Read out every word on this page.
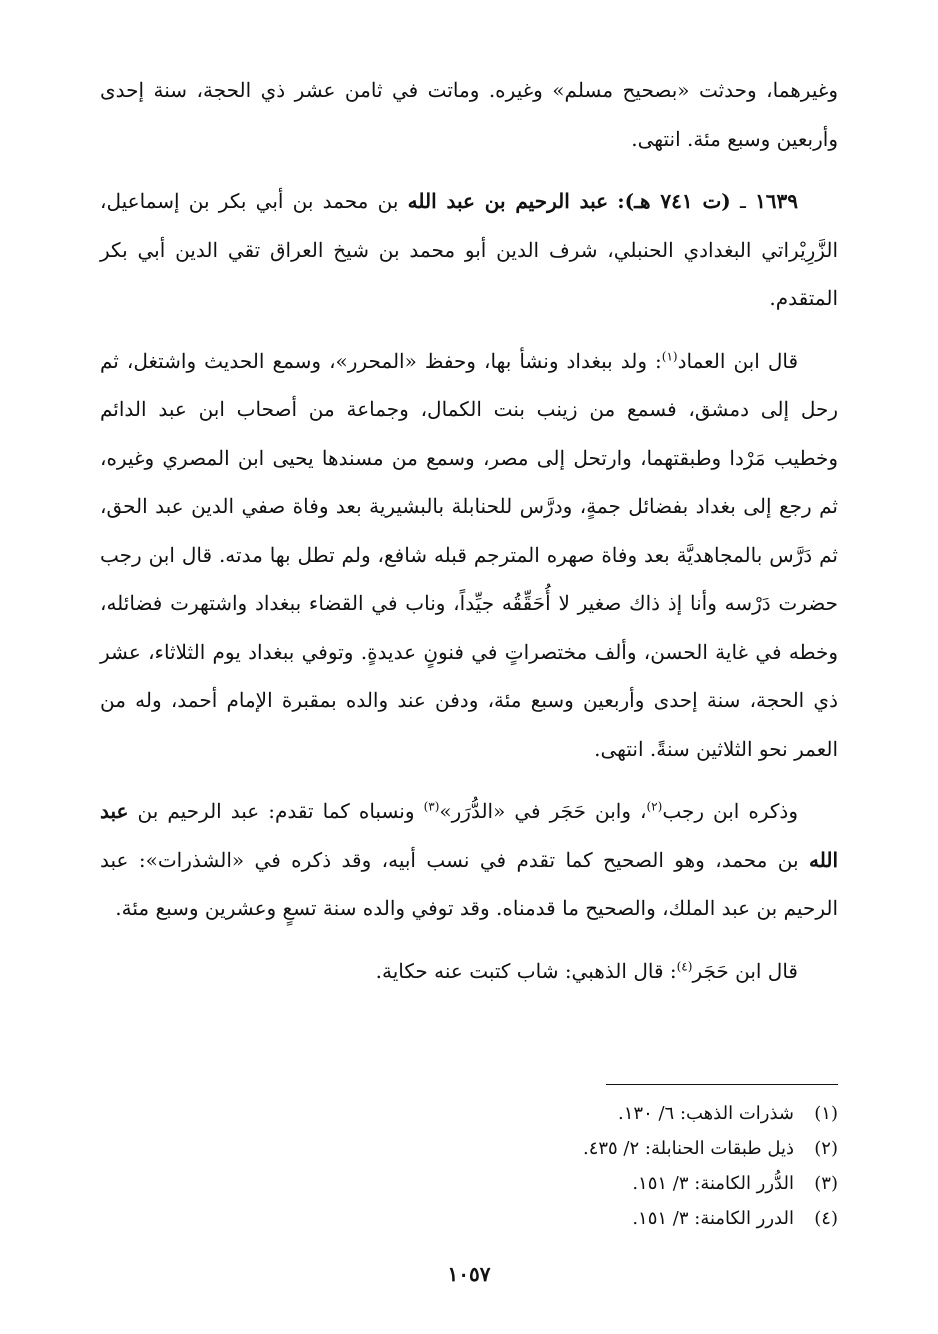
وغيرهما، وحدثت «بصحيح مسلم» وغيره. وماتت في ثامن عشر ذي الحجة، سنة إحدى وأربعين وسبع مئة. انتهى.

١٦٣٩ ـ (ت ٧٤١ هـ): عبد الرحيم بن عبد الله بن محمد بن أبي بكر بن إسماعيل، الزَّرِيْراتي البغدادي الحنبلي، شرف الدين أبو محمد بن شيخ العراق تقي الدين أبي بكر المتقدم.

قال ابن العماد$^{(١)}$: ولد ببغداد ونشأ بها، وحفظ «المحرر»، وسمع الحديث واشتغل، ثم رحل إلى دمشق، فسمع من زينب بنت الكمال، وجماعة من أصحاب ابن عبد الدائم وخطيب مَرْدا وطبقتهما، وارتحل إلى مصر، وسمع من مسندها يحيى ابن المصري وغيره، ثم رجع إلى بغداد بفضائل جمةٍ، ودرَّس للحنابلة بالبشيرية بعد وفاة صفي الدين عبد الحق، ثم دَرَّس بالمجاهديَّة بعد وفاة صهره المترجم قبله شافع، ولم تطل بها مدته. قال ابن رجب حضرت دَرْسه وأنا إذ ذاك صغير لا أُحَقِّقُه جيِّداً، وناب في القضاء ببغداد واشتهرت فضائله، وخطه في غاية الحسن، وألف مختصراتٍ في فنونٍ عديدةٍ. وتوفي ببغداد يوم الثلاثاء، عشر ذي الحجة، سنة إحدى وأربعين وسبع مئة، ودفن عند والده بمقبرة الإمام أحمد، وله من العمر نحو الثلاثين سنةً. انتهى.

وذكره ابن رجب$^{(٢)}$، وابن حَجَر في «الدُّرَر»$^{(٣)}$ ونسباه كما تقدم: عبد الرحيم بن عبد الله بن محمد، وهو الصحيح كما تقدم في نسب أبيه، وقد ذكره في «الشذرات»: عبد الرحيم بن عبد الملك، والصحيح ما قدمناه. وقد توفي والده سنة تسعٍ وعشرين وسبع مئة.

قال ابن حَجَر$^{(٤)}$: قال الذهبي: شاب كتبت عنه حكاية.

(١)شذرات الذهب: ٦/ ١٣٠.
(٢)ذيل طبقات الحنابلة: ٢/ ٤٣٥.
(٣)الدُّرر الكامنة: ٣/ ١٥١.
(٤)الدرر الكامنة: ٣/ ١٥١.
١٠٥٧
